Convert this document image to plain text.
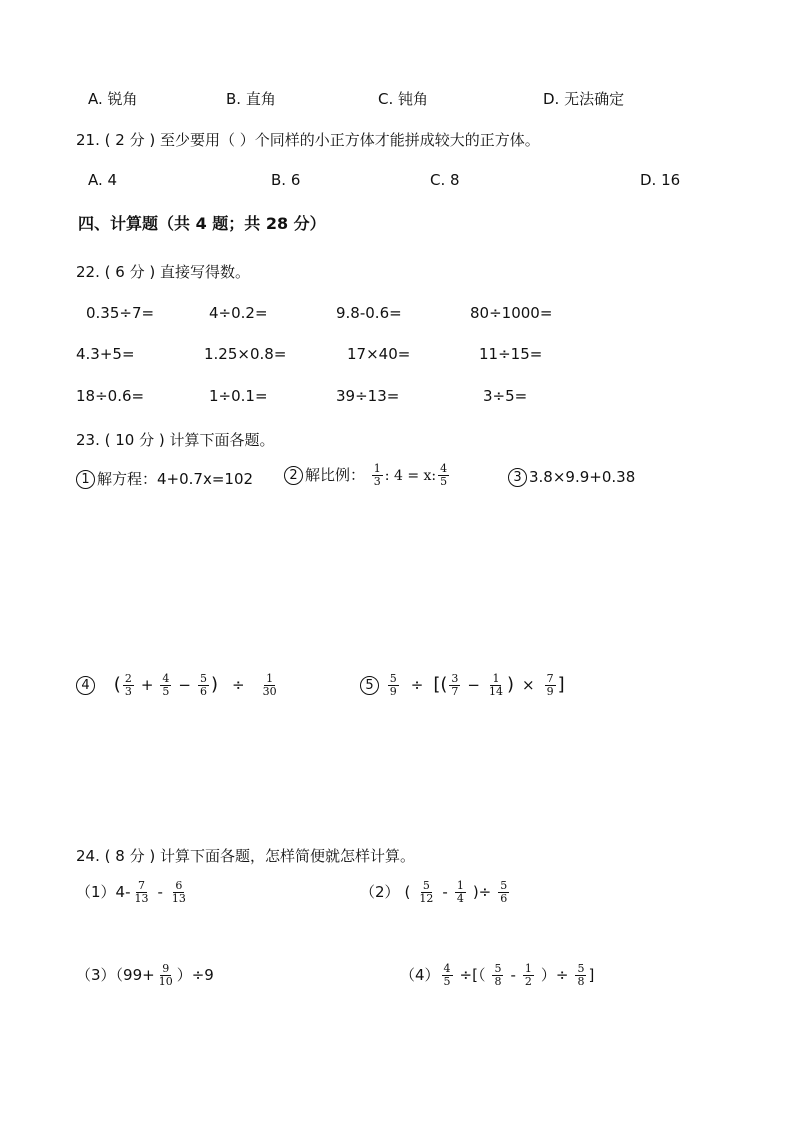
A. 锐角	B. 直角	C. 钝角	D. 无法确定
21. ( 2 分 ) 至少要用（ ）个同样的小正方体才能拼成较大的正方体。
A. 4	B. 6	C. 8	D. 16
四、计算题（共 4 题；共 28 分）
22. ( 6 分 ) 直接写得数。
0.35÷7=	4÷0.2=	9.8-0.6=	80÷1000=
4.3+5=	1.25×0.8=	17×40=	11÷15=
18÷0.6=	1÷0.1=	39÷13=	3÷5=
23. ( 10 分 ) 计算下面各题。
1 解方程：4+0.7x=102	2 解比例： $\frac{1}{3}$ : 4 = x: $\frac{4}{5}$	3 3.8×9.9+0.38
4 ( $\frac{2}{3} + \frac{4}{5} - \frac{5}{6}$ ) ÷ $\frac{1}{30}$	$5 \frac{5}{9}$ ÷ [( $\frac{3}{7} - \frac{1}{14}$ ) × $\frac{7}{9}$ ]
24. ( 8 分 ) 计算下面各题，怎样简便就怎样计算。
$(1)4- \frac{7}{13} - \frac{6}{13}$	（2） ( $\frac{5}{12} - \frac{1}{4}$ )÷ $\frac{5}{6}$
$(3)(99+ \frac{9}{10} )\div 9$	$(4) \frac{4}{5}$ ÷[（ $\frac{5}{8} - \frac{1}{2}$ ）÷ $\frac{5}{8}$ ]
